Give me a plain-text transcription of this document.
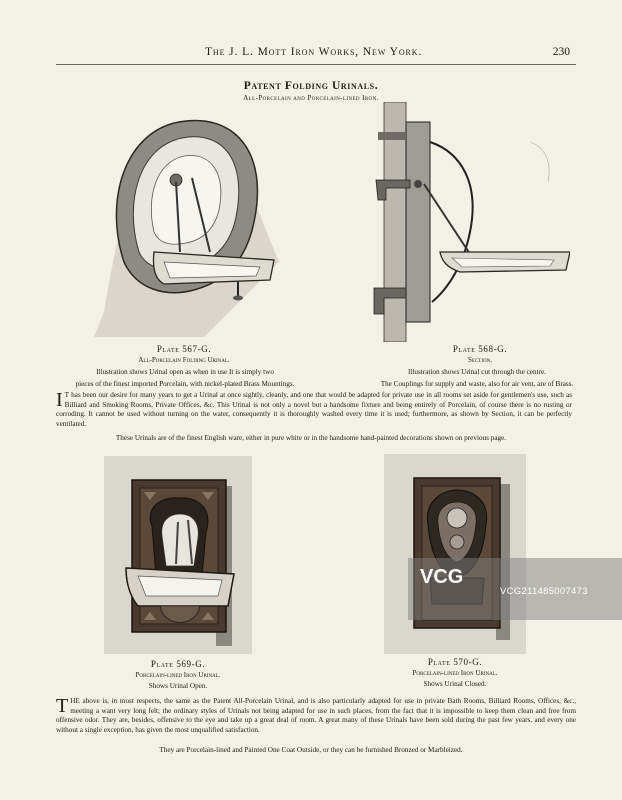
The J. L. Mott Iron Works, New York.	230
Patent Folding Urinals.
All-Porcelain and Porcelain-lined Iron.
Plate 567-G.
All-Porcelain Folding Urinal.
Illustration shows Urinal open as when in use It is simply two
pieces of the finest imported Porcelain, with nickel-plated Brass Mountings.
Plate 568-G.
Section.
Illustration shows Urinal cut through the centre.
The Couplings for supply and waste, also for air vent, are of Brass.
I T has been our desire for many years to get a Urinal at once sightly, cleanly, and one that would be adapted for private use in all rooms set aside for gentlemen's use, such as Billiard and Smoking Rooms, Private Offices, &c. This Urinal is not only a novel but a handsome fixture and being entirely of Porcelain, of course there is no rusting or corroding. It cannot be used without turning on the water, consequently it is thoroughly washed every time it is used; furthermore, as shown by Section, it can be perfectly ventilated.
These Urinals are of the finest English ware, either in pure white or in the handsome hand-painted decorations shown on previous page.
Plate 569-G.
Porcelain-lined Iron Urinal.
Shows Urinal Open.
Plate 570-G.
Porcelain-lined Iron Urinal.
Shows Urinal Closed.
THE above is, in most respects, the same as the Patent All-Porcelain Urinal, and is also particularly adapted for use in private Bath Rooms, Billiard Rooms, Offices, &c., meeting a want very long felt; the ordinary styles of Urinals not being adapted for use in such places, from the fact that it is impossible to keep them clean and free from offensive odor. They are, besides, offensive to the eye and take up a great deal of room. A great many of these Urinals have been sold during the past few years, and every one without a single exception, has given the most unqualified satisfaction.
They are Porcelain-lined and Painted One Coat Outside, or they can be furnished Bronzed or Marbleized.
VCG
VCG211485007473
